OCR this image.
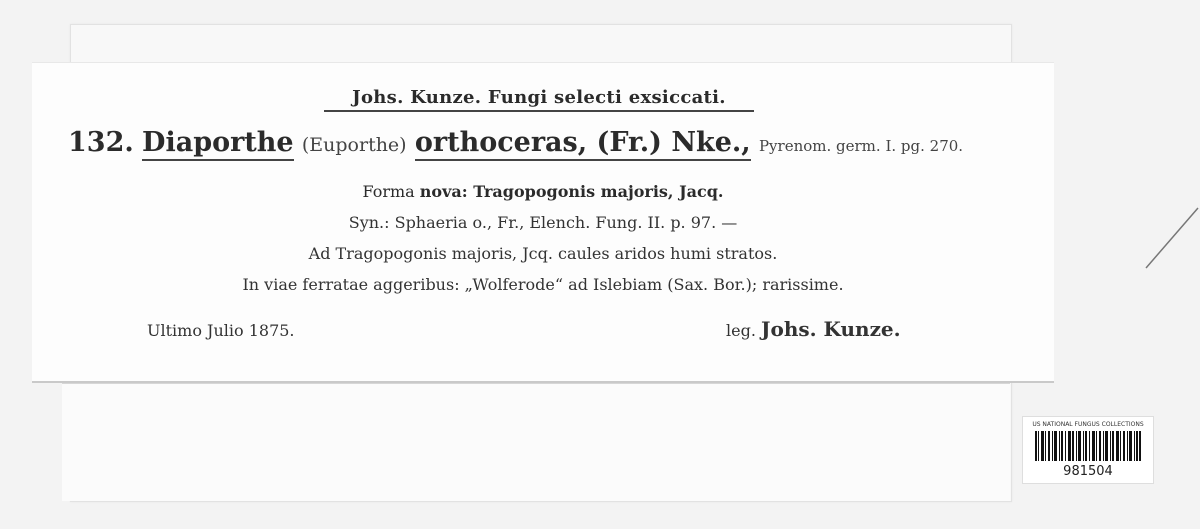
Johs. Kunze. Fungi selecti exsiccati.
132. Diaporthe (Euporthe) orthoceras, (Fr.) Nke., Pyrenom. germ. I. pg. 270.
Forma nova: Tragopogonis majoris, Jacq.
Syn.: Sphaeria o., Fr., Elench. Fung. II. p. 97. —
Ad Tragopogonis majoris, Jcq. caules aridos humi stratos.
In viae ferratae aggeribus: „Wolferode“ ad Islebiam (Sax. Bor.); rarissime.
Ultimo Julio 1875.	leg. Johs. Kunze.
US NATIONAL FUNGUS COLLECTIONS
981504
